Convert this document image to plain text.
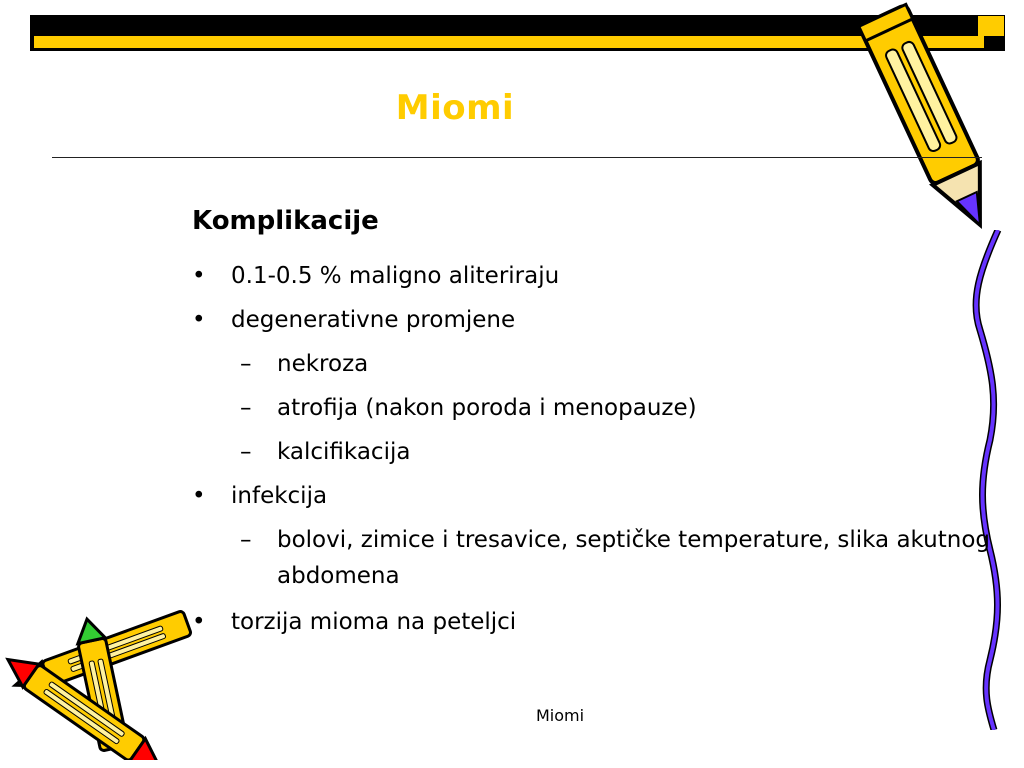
Miomi
Komplikacije
• 0.1-0.5 % maligno aliteriraju
• degenerativne promjene
–	nekroza
–	atrofija (nakon poroda i menopauze)
–	kalcifikacija
• infekcija
–	bolovi, zimice i tresavice, septičke temperature, slika akutnog abdomena
• torzija mioma na peteljci
Miomi
